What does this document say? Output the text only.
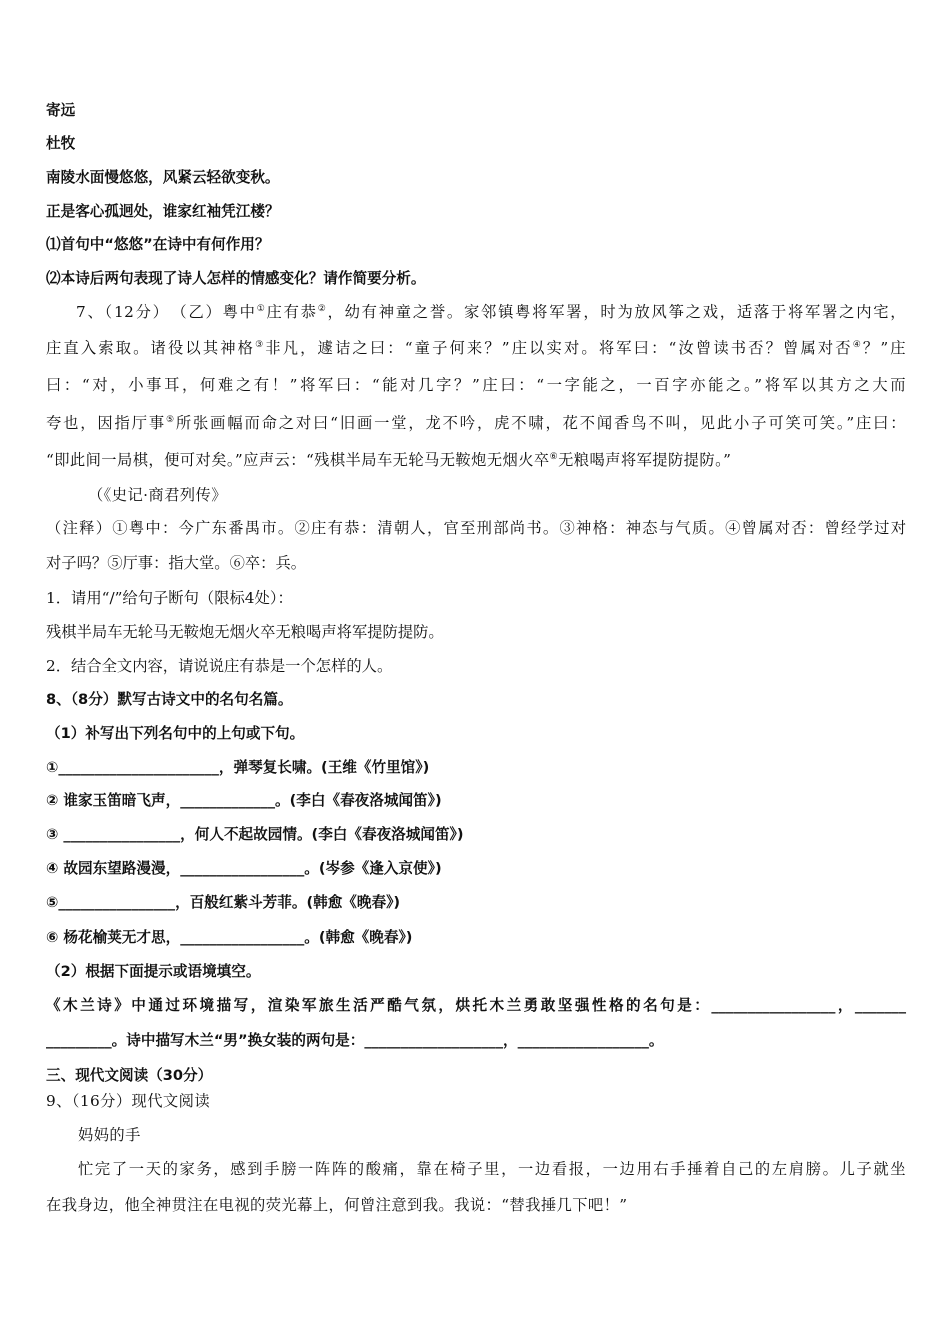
寄远
杜牧
南陵水面慢悠悠，风紧云轻欲变秋。
正是客心孤迥处，谁家红袖凭江楼？
⑴首句中“悠悠”在诗中有何作用？
⑵本诗后两句表现了诗人怎样的情感变化？请作简要分析。
7、（12分）　（乙）粤中①庄有恭②，幼有神童之誉。家邻镇粤将军署，时为放风筝之戏，适落于将军署之内宅，
庄直入索取。诸役以其神格③非凡，遽诘之曰：“童子何来？”庄以实对。将军曰：“汝曾读书否？曾属对否④？”庄
曰：“对，小事耳，何难之有！”将军曰：“能对几字？”庄曰：“一字能之，一百字亦能之。”将军以其方之大而
夸也，因指厅事⑤所张画幅而命之对曰“旧画一堂，龙不吟，虎不啸，花不闻香鸟不叫，见此小子可笑可笑。”庄曰：
“即此间一局棋，便可对矣。”应声云：“残棋半局车无轮马无鞍炮无烟火卒⑥无粮喝声将军提防提防。”
（《史记·商君列传》
（注释）①粤中：今广东番禺市。②庄有恭：清朝人，官至刑部尚书。③神格：神态与气质。④曾属对否：曾经学过对
对子吗？⑤厅事：指大堂。⑥卒：兵。
1．请用“/”给句子断句（限标4处）：
残棋半局车无轮马无鞍炮无烟火卒无粮喝声将军提防提防。
2．结合全文内容，请说说庄有恭是一个怎样的人。
8、（8分）默写古诗文中的名句名篇。
（1）补写出下列名句中的上句或下句。
①______________________，弹琴复长啸。(王维《竹里馆》)
② 谁家玉笛暗飞声，_____________。(李白《春夜洛城闻笛》)
③ ________________，何人不起故园情。(李白《春夜洛城闻笛》)
④ 故园东望路漫漫，_________________。(岑参《逢入京使》)
⑤________________，百般红紫斗芳菲。(韩愈《晚春》)
⑥ 杨花榆荚无才思，_________________。(韩愈《晚春》)
（2）根据下面提示或语境填空。
《木兰诗》中通过环境描写，渲染军旅生活严酷气氛，烘托木兰勇敢坚强性格的名句是：_________________，_______
_________。诗中描写木兰“男”换女装的两句是：___________________，__________________。
三、现代文阅读（30分）
9、（16分）现代文阅读
妈妈的手
忙完了一天的家务，感到手膀一阵阵的酸痛，靠在椅子里，一边看报，一边用右手捶着自己的左肩膀。儿子就坐
在我身边，他全神贯注在电视的荧光幕上，何曾注意到我。我说：“替我捶几下吧！”
